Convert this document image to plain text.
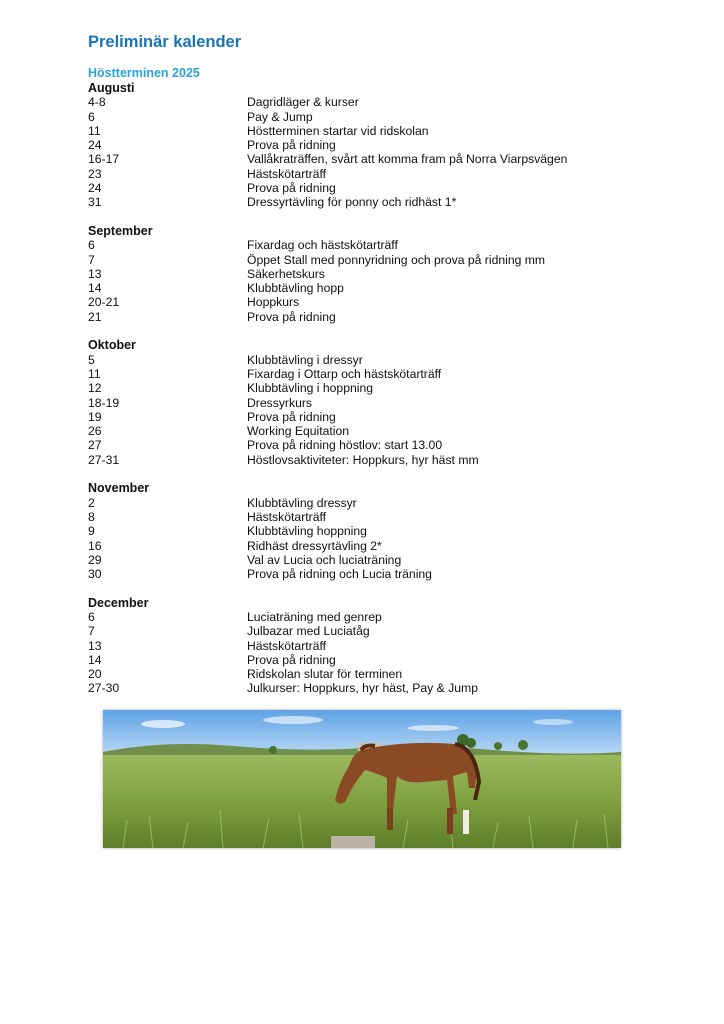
Preliminär kalender
Höstterminen 2025
Augusti
4-8	Dagridläger & kurser
6	Pay & Jump
11	Höstterminen startar vid ridskolan
24	Prova på ridning
16-17	Vallåkraträffen, svårt att komma fram på Norra Viarpsvägen
23	Hästskötarträff
24	Prova på ridning
31	Dressyrtävling för ponny och ridhäst 1*
September
6	Fixardag och hästskötarträff
7	Öppet Stall med ponnyridning och prova på ridning mm
13	Säkerhetskurs
14	Klubbtävling hopp
20-21	Hoppkurs
21	Prova på ridning
Oktober
5	Klubbtävling i dressyr
11	Fixardag i Ottarp och hästskötarträff
12	Klubbtävling i hoppning
18-19	Dressyrkurs
19	Prova på ridning
26	Working Equitation
27	Prova på ridning höstlov: start 13.00
27-31	Höstlovsaktiviteter: Hoppkurs, hyr häst mm
November
2	Klubbtävling dressyr
8	Hästskötarträff
9	Klubbtävling hoppning
16	Ridhäst dressyrtävling 2*
29	Val av Lucia och luciaträning
30	Prova på ridning och Lucia träning
December
6	Luciaträning med genrep
7	Julbazar med Luciatåg
13	Hästskötarträff
14	Prova på ridning
20	Ridskolan slutar för terminen
27-30	Julkurser: Hoppkurs, hyr häst, Pay & Jump
